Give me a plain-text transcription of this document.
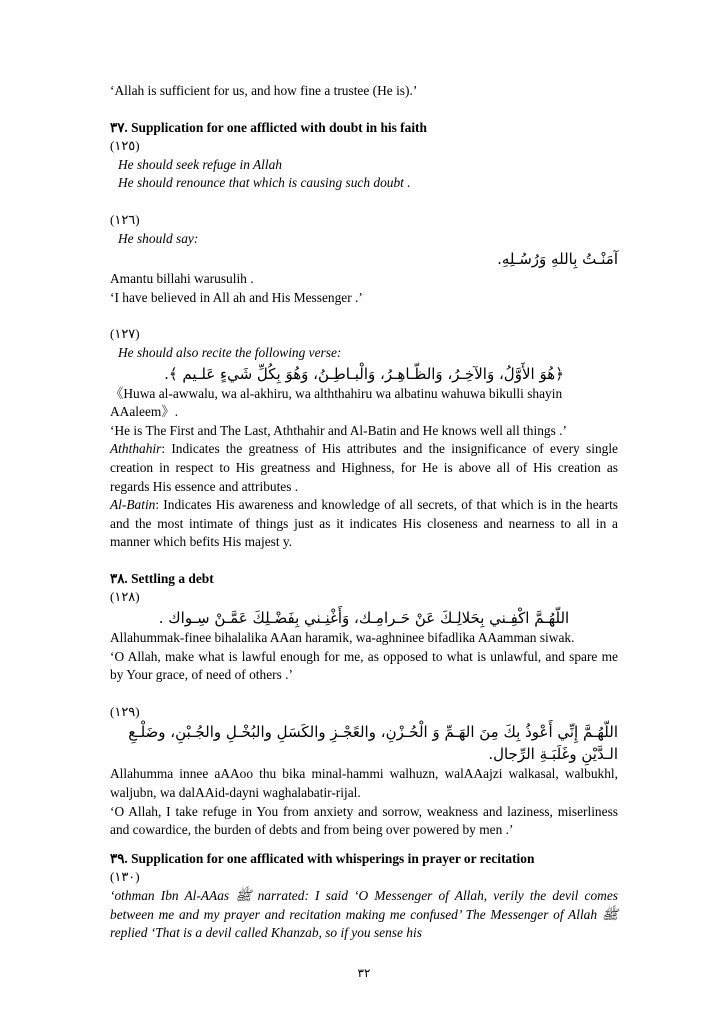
‘Allah is sufficient for us, and how fine a trustee (He is).’

٣٧. Supplication for one afflicted with doubt in his faith

(١٢٥)

He should seek refuge in Allah

He should renounce that which is causing such doubt .

(١٢٦)

He should say:

آمَنْـتُ بِاللهِ وَرُسُـلِهِ.

Amantu billahi warusulih .

‘I have believed in All ah and His Messenger .’

(١٢٧)

He should also recite the following verse:

﴿هُوَ الأَوَّلُ، وَالآخِـرُ، وَالظّـاهِـرُ، وَالْبـاطِـنُ، وَهُوَ بِكُلِّ شَيءٍ عَلـيم ﴾.

《Huwa al-awwalu, wa al-akhiru, wa alththahiru wa albatinu wahuwa bikulli shayin

AAaleem》.

‘He is The First and The Last, Aththahir and Al-Batin and He knows well all things .’

Aththahir: Indicates the greatness of His attributes and the insignificance of every single creation in respect to His greatness and Highness, for He is above all of His creation as regards His essence and attributes .

Al-Batin: Indicates His awareness and knowledge of all secrets, of that which is in the hearts and the most intimate of things just as it indicates His closeness and nearness to all in a manner which befits His majest y.

٣٨. Settling a debt

(١٢٨)

اللّهُـمَّ اكْفِـني بِحَلالِـكَ عَنْ حَـرامِـك، وَأَغْنِـني بِفَضْـلِكَ عَمَّـنْ سِـواك .

Allahummak-finee bihalalika AAan haramik, wa-aghninee bifadlika AAamman siwak.

‘O Allah, make what is lawful enough for me, as opposed to what is unlawful, and spare me by Your grace, of need of others .’

(١٢٩)

اللّهُـمَّ إِنِّي أَعْوذُ بِكَ مِنَ الهَـمِّ وَ الْحُـزْنِ، والعًجْـزِ والكَسَلِ والبُخْـلِ والجُـبْنِ، وضَلْـعِ

الـدَّيْنِ وغَلَبَـةِ الرِّجال.

Allahumma innee aAAoo thu bika minal-hammi walhuzn, walAAajzi walkasal, walbukhl, waljubn, wa dalAAid-dayni waghalabatir-rijal.

‘O Allah, I take refuge in You from anxiety and sorrow, weakness and laziness, miserliness and cowardice, the burden of debts and from being over powered by men .’

٣٩. Supplication for one afflicated with whisperings in prayer or recitation

(١٣٠)

‘othman Ibn Al-AAas ﷺ narrated: I said ‘O Messenger of Allah, verily the devil comes between me and my prayer and recitation making me confused’ The Messenger of Allah ﷺ replied ‘That is a devil called Khanzab, so if you sense his

٣٢
